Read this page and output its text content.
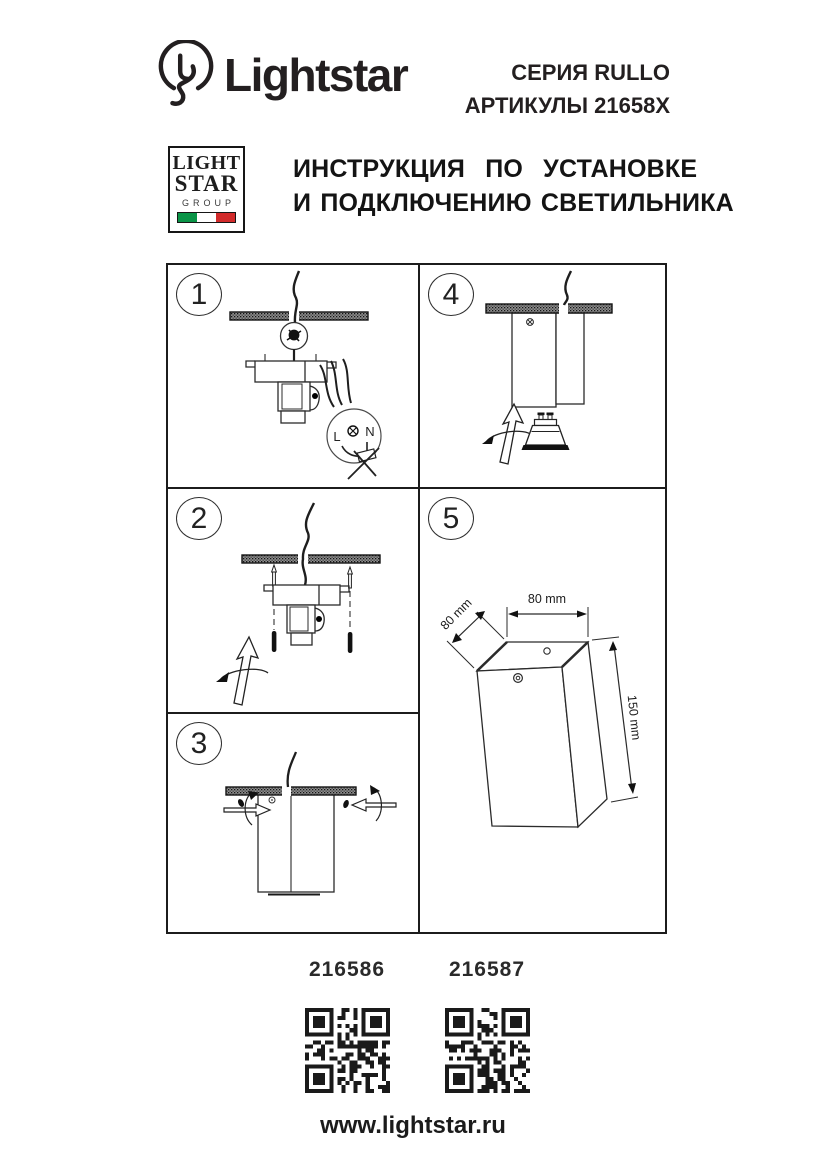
Lightstar	СЕРИЯ RULLO
АРТИКУЛЫ 21658X
LIGHT
STAR
GROUP
ИНСТРУКЦИЯ ПО УСТАНОВКЕ
И ПОДКЛЮЧЕНИЮ СВЕТИЛЬНИКА
1
L N
2
3
4
5
80 mm
80 mm
150 mm
216586	216587
www.lightstar.ru
